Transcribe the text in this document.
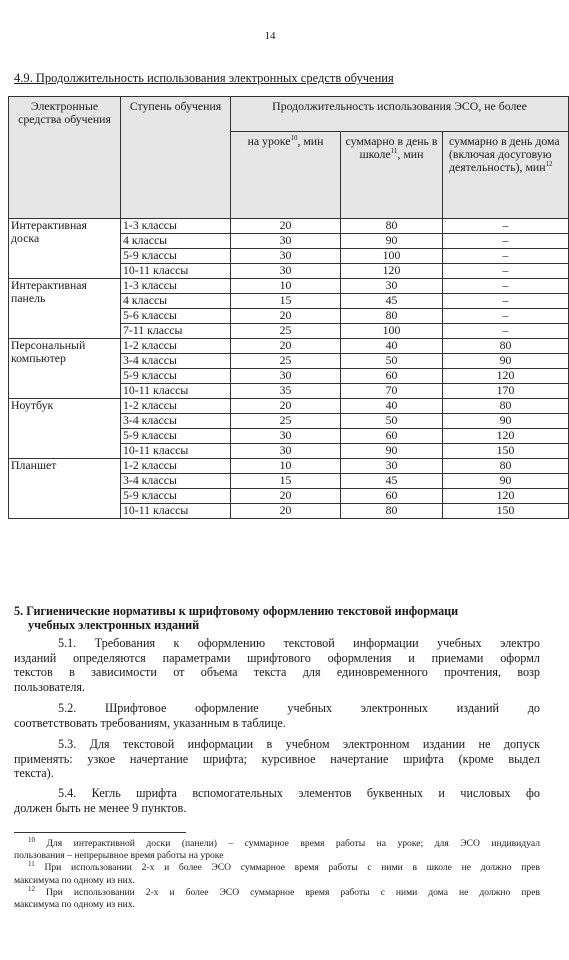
14
4.9. Продолжительность использования электронных средств обучения
Электронные средства обучения	Ступень обучения	Продолжительность использования ЭСО, не более		
		на уроке$^{10}$, мин	суммарно в день в школе$^{11}$, мин	суммарно в день дома (включая досуговую деятельность), мин$^{12}$
Интерактивная доска	1-3 классы	20	80	–
	4 классы	30	90	–
	5-9 классы	30	100	–
	10-11 классы	30	120	–
Интерактивная панель	1-3 классы	10	30	–
	4 классы	15	45	–
	5-6 классы	20	80	–
	7-11 классы	25	100	–
Персональный компьютер	1-2 классы	20	40	80
	3-4 классы	25	50	90
	5-9 классы	30	60	120
	10-11 классы	35	70	170
Ноутбук	1-2 классы	20	40	80
	3-4 классы	25	50	90
	5-9 классы	30	60	120
	10-11 классы	30	90	150
Планшет	1-2 классы	10	30	80
	3-4 классы	15	45	90
	5-9 классы	20	60	120
	10-11 классы	20	80	150
5. Гигиенические нормативы к шрифтовому оформлению текстовой информаци
учебных электронных изданий
5.1. Требования к оформлению текстовой информации учебных электро
изданий определяются параметрами шрифтового оформления и приемами оформл
текстов в зависимости от объема текста для единовременного прочтения, возр
пользователя.
5.2. Шрифтовое оформление учебных электронных изданий до
соответствовать требованиям, указанным в таблице.
5.3. Для текстовой информации в учебном электронном издании не допуск
применять: узкое начертание шрифта; курсивное начертание шрифта (кроме выдел
текста).
5.4. Кегль шрифта вспомогательных элементов буквенных и числовых фо
должен быть не менее 9 пунктов.
$^{10}$ Для интерактивной доски (панели) – суммарное время работы на уроке; для ЭСО индивидуал
пользования – непрерывное время работы на уроке
$^{11}$ При использовании 2-х и более ЭСО суммарное время работы с ними в школе не должно прев
максимума по одному из них.
$^{12}$ При использовании 2-х и более ЭСО суммарное время работы с ними дома не должно прев
максимума по одному из них.
